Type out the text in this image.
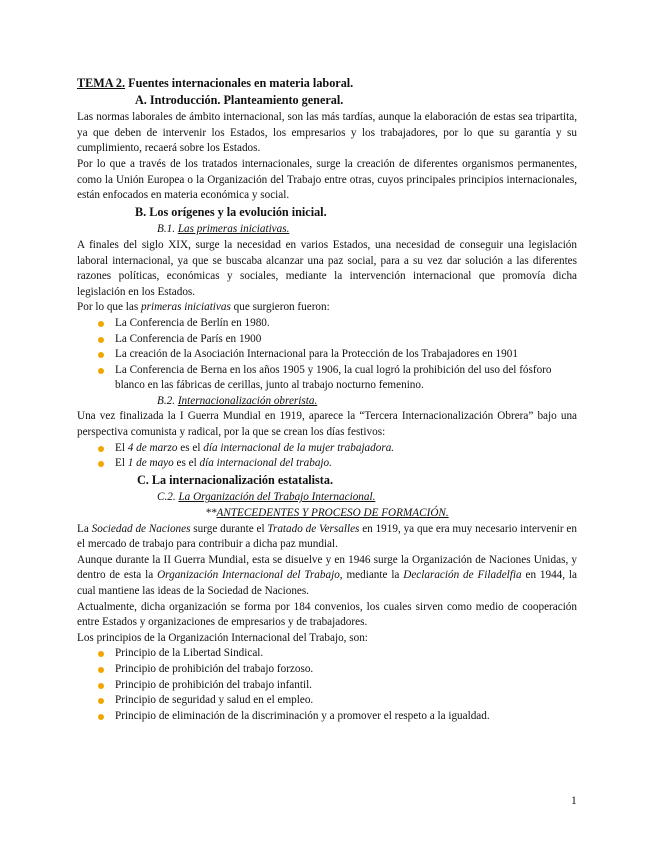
TEMA 2. Fuentes internacionales en materia laboral.

A. Introducción. Planteamiento general.

Las normas laborales de ámbito internacional, son las más tardías, aunque la elaboración de estas sea tripartita, ya que deben de intervenir los Estados, los empresarios y los trabajadores, por lo que su garantía y su cumplimiento, recaerá sobre los Estados.

Por lo que a través de los tratados internacionales, surge la creación de diferentes organismos permanentes, como la Unión Europea o la Organización del Trabajo entre otras, cuyos principales principios internacionales, están enfocados en materia económica y social.

B. Los orígenes y la evolución inicial.

B.1. Las primeras iniciativas.

A finales del siglo XIX, surge la necesidad en varios Estados, una necesidad de conseguir una legislación laboral internacional, ya que se buscaba alcanzar una paz social, para a su vez dar solución a las diferentes razones políticas, económicas y sociales, mediante la intervención internacional que promovía dicha legislación en los Estados.

Por lo que las primeras iniciativas que surgieron fueron:

La Conferencia de Berlín en 1980.
La Conferencia de París en 1900
La creación de la Asociación Internacional para la Protección de los Trabajadores en 1901
La Conferencia de Berna en los años 1905 y 1906, la cual logró la prohibición del uso del fósforo blanco en las fábricas de cerillas, junto al trabajo nocturno femenino.

B.2. Internacionalización obrerista.

Una vez finalizada la I Guerra Mundial en 1919, aparece la “Tercera Internacionalización Obrera” bajo una perspectiva comunista y radical, por la que se crean los días festivos:

El 4 de marzo es el día internacional de la mujer trabajadora.
El 1 de mayo es el día internacional del trabajo.

C. La internacionalización estatalista.

C.2. La Organización del Trabajo Internacional.

**ANTECEDENTES Y PROCESO DE FORMACIÓN.

La Sociedad de Naciones surge durante el Tratado de Versalles en 1919, ya que era muy necesario intervenir en el mercado de trabajo para contribuir a dicha paz mundial.

Aunque durante la II Guerra Mundial, esta se disuelve y en 1946 surge la Organización de Naciones Unidas, y dentro de esta la Organización Internacional del Trabajo, mediante la Declaración de Filadelfia en 1944, la cual mantiene las ideas de la Sociedad de Naciones.

Actualmente, dicha organización se forma por 184 convenios, los cuales sirven como medio de cooperación entre Estados y organizaciones de empresarios y de trabajadores.

Los principios de la Organización Internacional del Trabajo, son:

Principio de la Libertad Sindical.
Principio de prohibición del trabajo forzoso.
Principio de prohibición del trabajo infantil.
Principio de seguridad y salud en el empleo.
Principio de eliminación de la discriminación y a promover el respeto a la igualdad.
1
